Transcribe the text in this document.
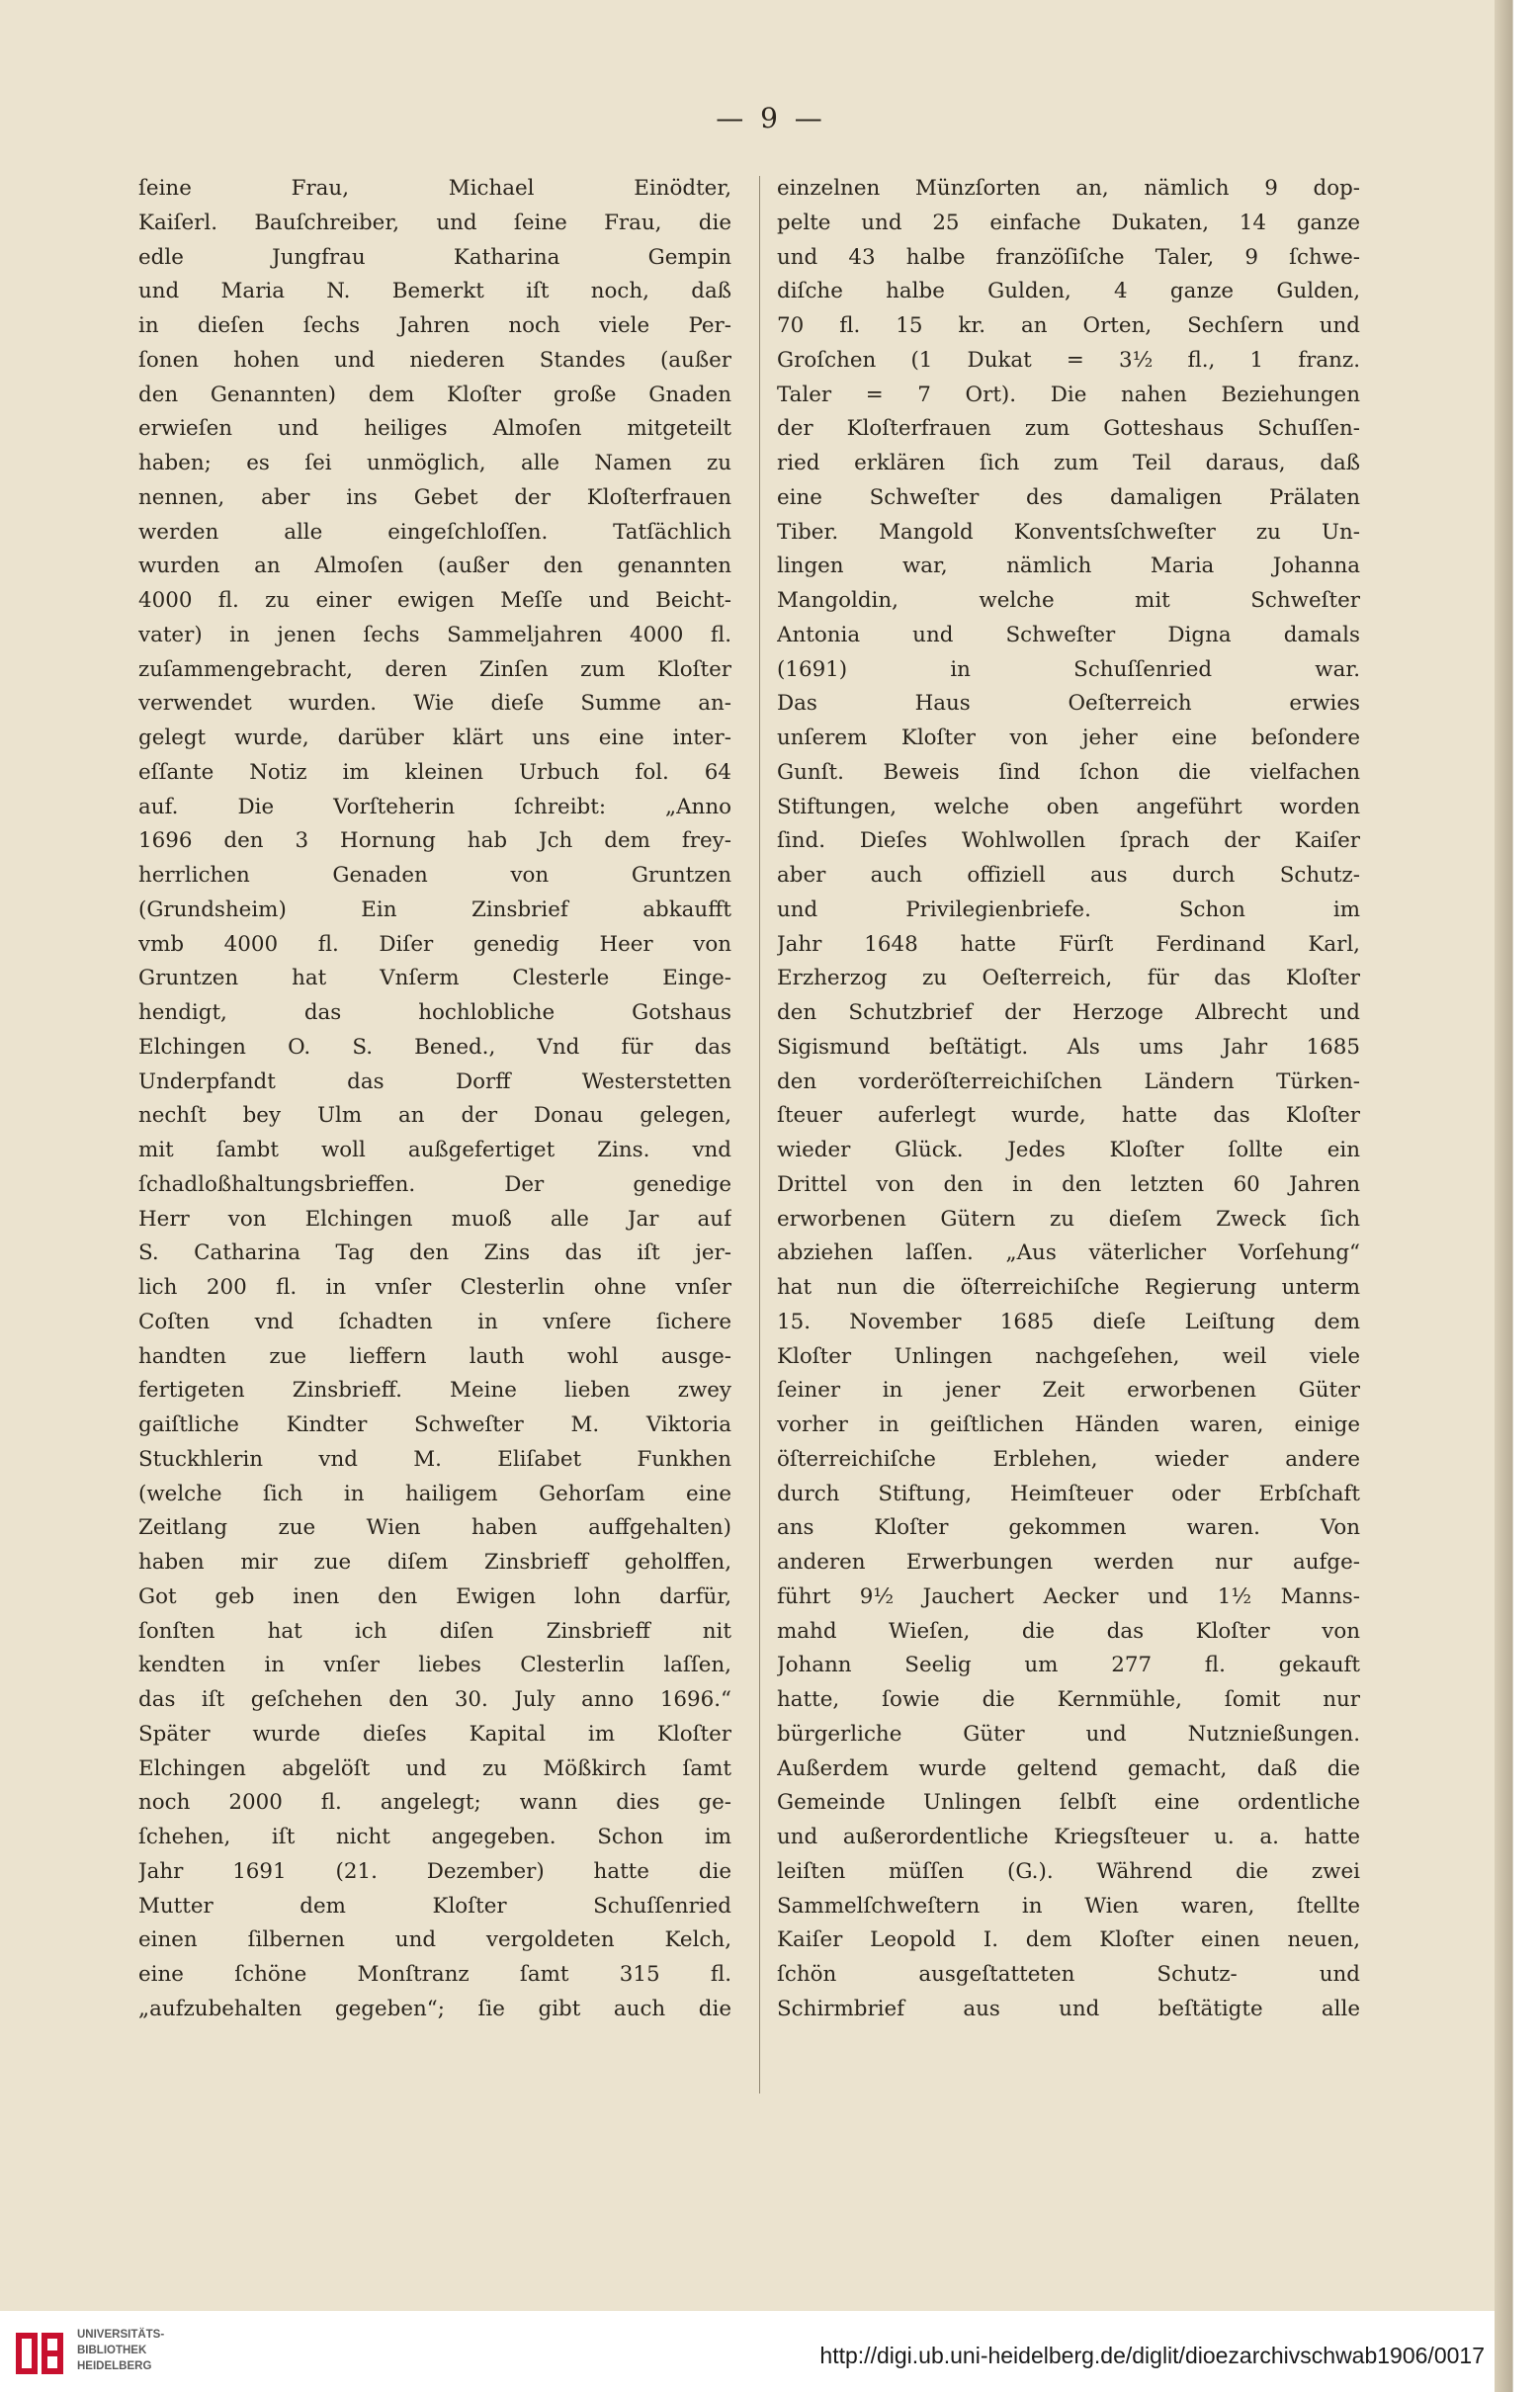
— 9 —
ſeine Frau, Michael Einödter,
Kaiſerl. Bauſchreiber, und ſeine Frau, die
edle Jungfrau Katharina Gempin
und Maria N. Bemerkt iſt noch, daß
in dieſen ſechs Jahren noch viele Per-
ſonen hohen und niederen Standes (außer
den Genannten) dem Kloſter große Gnaden
erwieſen und heiliges Almoſen mitgeteilt
haben; es ſei unmöglich, alle Namen zu
nennen, aber ins Gebet der Kloſterfrauen
werden alle eingeſchloſſen. Tatſächlich
wurden an Almoſen (außer den genannten
4000 fl. zu einer ewigen Meſſe und Beicht-
vater) in jenen ſechs Sammeljahren 4000 fl.
zuſammengebracht, deren Zinſen zum Kloſter
verwendet wurden. Wie dieſe Summe an-
gelegt wurde, darüber klärt uns eine inter-
eſſante Notiz im kleinen Urbuch fol. 64
auf. Die Vorſteherin ſchreibt: „Anno
1696 den 3 Hornung hab Jch dem frey-
herrlichen Genaden von Gruntzen
(Grundsheim) Ein Zinsbrief abkaufft
vmb 4000 fl. Diſer genedig Heer von
Gruntzen hat Vnſerm Clesterle Einge-
hendigt, das hochlobliche Gotshaus
Elchingen O. S. Bened., Vnd für das
Underpfandt das Dorff Westerstetten
nechſt bey Ulm an der Donau gelegen,
mit ſambt woll außgefertiget Zins. vnd
ſchadloßhaltungsbrieffen. Der genedige
Herr von Elchingen muoß alle Jar auf
S. Catharina Tag den Zins das iſt jer-
lich 200 fl. in vnſer Clesterlin ohne vnſer
Coſten vnd ſchadten in vnſere ſichere
handten zue lieffern lauth wohl ausge-
fertigeten Zinsbrieff. Meine lieben zwey
gaiſtliche Kindter Schweſter M. Viktoria
Stuckhlerin vnd M. Eliſabet Funkhen
(welche ſich in hailigem Gehorſam eine
Zeitlang zue Wien haben auffgehalten)
haben mir zue diſem Zinsbrieff geholffen,
Got geb inen den Ewigen lohn darfür,
ſonſten hat ich diſen Zinsbrieff nit
kendten in vnſer liebes Clesterlin laſſen,
das iſt geſchehen den 30. July anno 1696.“
Später wurde dieſes Kapital im Kloſter
Elchingen abgelöſt und zu Mößkirch ſamt
noch 2000 fl. angelegt; wann dies ge-
ſchehen, iſt nicht angegeben. Schon im
Jahr 1691 (21. Dezember) hatte die
Mutter dem Kloſter Schuſſenried
einen ſilbernen und vergoldeten Kelch,
eine ſchöne Monſtranz ſamt 315 fl.
„aufzubehalten gegeben“; ſie gibt auch die
einzelnen Münzſorten an, nämlich 9 dop-
pelte und 25 einfache Dukaten, 14 ganze
und 43 halbe franzöſiſche Taler, 9 ſchwe-
diſche halbe Gulden, 4 ganze Gulden,
70 fl. 15 kr. an Orten, Sechſern und
Groſchen (1 Dukat = 3½ fl., 1 franz.
Taler = 7 Ort). Die nahen Beziehungen
der Kloſterfrauen zum Gotteshaus Schuſſen-
ried erklären ſich zum Teil daraus, daß
eine Schweſter des damaligen Prälaten
Tiber. Mangold Konventsſchweſter zu Un-
lingen war, nämlich Maria Johanna
Mangoldin, welche mit Schweſter
Antonia und Schweſter Digna damals
(1691) in Schuſſenried war.
Das Haus Oeſterreich erwies
unſerem Kloſter von jeher eine beſondere
Gunſt. Beweis ſind ſchon die vielfachen
Stiftungen, welche oben angeführt worden
ſind. Dieſes Wohlwollen ſprach der Kaiſer
aber auch offiziell aus durch Schutz-
und Privilegienbriefe. Schon im
Jahr 1648 hatte Fürſt Ferdinand Karl,
Erzherzog zu Oeſterreich, für das Kloſter
den Schutzbrief der Herzoge Albrecht und
Sigismund beſtätigt. Als ums Jahr 1685
den vorderöſterreichiſchen Ländern Türken-
ſteuer auferlegt wurde, hatte das Kloſter
wieder Glück. Jedes Kloſter ſollte ein
Drittel von den in den letzten 60 Jahren
erworbenen Gütern zu dieſem Zweck ſich
abziehen laſſen. „Aus väterlicher Vorſehung“
hat nun die öſterreichiſche Regierung unterm
15. November 1685 dieſe Leiſtung dem
Kloſter Unlingen nachgeſehen, weil viele
ſeiner in jener Zeit erworbenen Güter
vorher in geiſtlichen Händen waren, einige
öſterreichiſche Erblehen, wieder andere
durch Stiftung, Heimſteuer oder Erbſchaft
ans Kloſter gekommen waren. Von
anderen Erwerbungen werden nur aufge-
führt 9½ Jauchert Aecker und 1½ Manns-
mahd Wieſen, die das Kloſter von
Johann Seelig um 277 fl. gekauft
hatte, ſowie die Kernmühle, ſomit nur
bürgerliche Güter und Nutznießungen.
Außerdem wurde geltend gemacht, daß die
Gemeinde Unlingen ſelbſt eine ordentliche
und außerordentliche Kriegsſteuer u. a. hatte
leiſten müſſen (G.). Während die zwei
Sammelſchweſtern in Wien waren, ſtellte
Kaiſer Leopold I. dem Kloſter einen neuen,
ſchön ausgeſtatteten Schutz- und
Schirmbrief aus und beſtätigte alle
UNIVERSITÄTS-
BIBLIOTHEK
HEIDELBERG	http://digi.ub.uni-heidelberg.de/diglit/dioezarchivschwab1906/0017
